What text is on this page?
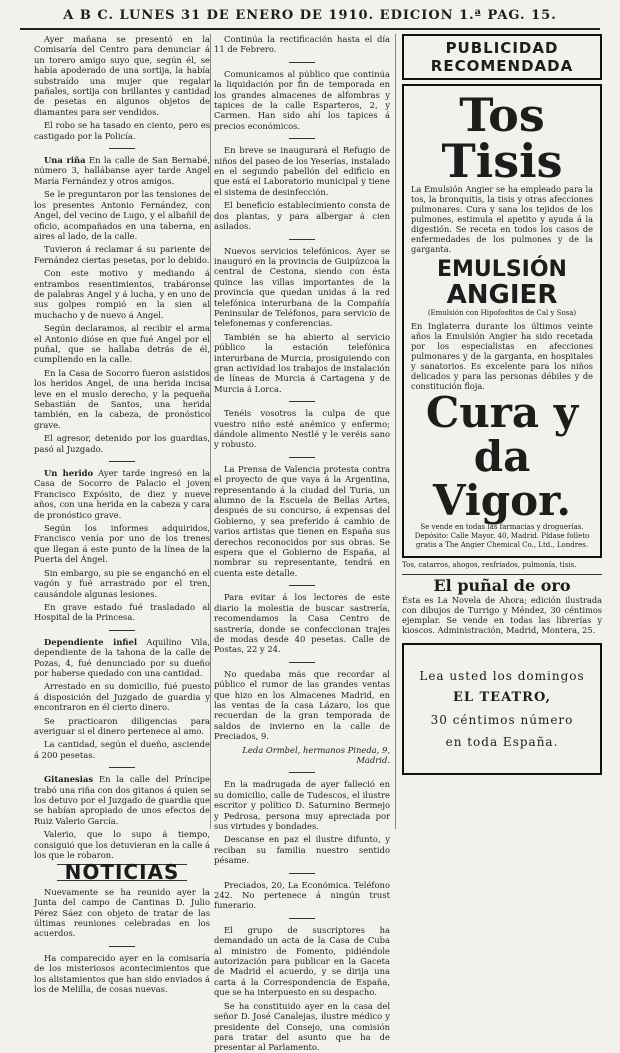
A B C. LUNES 31 DE ENERO DE 1910. EDICION 1.ª PAG. 15.

Ayer mañana se presentó en la Comisaría del Centro para denunciar á un torero amigo suyo que, según él, se había apoderado de una sortija, la había substraído una mujer que regalar pañales, sortija con brillantes y cantidad de pesetas en algunos objetos de diamantes para ser vendidos.

El robo se ha tasado en ciento, pero es castigado por la Policía.

Una riña En la calle de San Bernabé, número 3, hallábanse ayer tarde Angel María Fernández y otros amigos.

Se le preguntaron por las tensiones de los presentes Antonio Fernández, con Angel, del vecino de Lugo, y el albañil de oficio, acompañados en una taberna, en aires al lado, de la calle.

Tuvieron á reclamar á su pariente de Fernández ciertas pesetas, por lo debido.

Con este motivo y mediando á entrambos resentimientos, trabáronse de palabras Angel y á lucha, y en uno de sus golpes rompió en la sien al muchacho y de nuevo á Angel.

Según declaramos, al recibir el arma el Antonio dióse en que fué Angel por el puñal, que se hallaba detrás de él, cumpliendo en la calle.

En la Casa de Socorro fueron asistidos los heridos Angel, de una herida incisa leve en el muslo derecho, y la pequeña Sebastián de Santos, una herida también, en la cabeza, de pronóstico grave.

El agresor, detenido por los guardias, pasó al Juzgado.

Un herido Ayer tarde ingresó en la Casa de Socorro de Palacio el joven Francisco Expósito, de diez y nueve años, con una herida en la cabeza y cara de pronóstico grave.

Según los informes adquiridos, Francisco venía por uno de los trenes que llegan á este punto de la línea de la Puerta del Ángel.

Sin embargo, su pie se enganchó en el vagón y fué arrastrado por el tren, causándole algunas lesiones.

En grave estado fué trasladado al Hospital de la Princesa.

Dependiente infiel Aquilino Vila, dependiente de la tahona de la calle de Pozas, 4, fué denunciado por su dueño por haberse quedado con una cantidad.

Arrestado en su domicilio, fué puesto á disposición del Juzgado de guardia y encontraron en él cierto dinero.

Se practicaron diligencias para averiguar si el dinero pertenece al amo.

La cantidad, según el dueño, asciende á 200 pesetas.

Gitanesias En la calle del Príncipe trabó una riña con dos gitanos á quien se los detuvo por el Juzgado de guardia que se habían apropiado de unos efectos de Ruiz Valerio García.

Valerio, que lo supo á tiempo, consiguió que los detuvieran en la calle á los que le robaron.

NOTICIAS

Nuevamente se ha reunido ayer la Junta del campo de Cantinas D. Julio Pérez Sáez con objeto de tratar de las últimas reuniones celebradas en los acuerdos.

Ha comparecido ayer en la comisaría de los misteriosos acontecimientos que los alistamientos que han sido enviados á los de Melilla, de cosas nuevas.

Continúa la rectificación hasta el día 11 de Febrero.

Comunicamos al público que continúa la liquidación por fin de temporada en los grandes almacenes de alfombras y tapices de la calle Esparteros, 2, y Carmen. Han sido ahí los tapices á precios económicos.

En breve se inaugurará el Refugio de niños del paseo de los Yeserías, instalado en el segundo pabellón del edificio en que está el Laboratorio municipal y tiene el sistema de desinfección.

El beneficio establecimiento consta de dos plantas, y para albergar á cien asilados.

Nuevos servicios telefónicos. Ayer se inauguró en la provincia de Guipúzcoa la central de Cestona, siendo con ésta quince las villas importantes de la provincia que quedan unidas á la red telefónica interurbana de la Compañía Peninsular de Teléfonos, para servicio de telefonemas y conferencias.

También se ha abierto al servicio público la estación telefónica interurbana de Murcia, prosiguiendo con gran actividad los trabajos de instalación de líneas de Murcia á Cartagena y de Murcia á Lorca.

Tenéis vosotros la culpa de que vuestro niño esté anémico y enfermo; dándole alimento Nestlé y le veréis sano y robusto.

La Prensa de Valencia protesta contra el proyecto de que vaya á la Argentina, representando á la ciudad del Turia, un alumno de la Escuela de Bellas Artes, después de su concurso, á expensas del Gobierno, y sea preferido á cambio de varios artistas que tienen en España sus derechos reconocidos por sus obras. Se espera que el Gobierno de España, al nombrar su representante, tendrá en cuenta este detalle.

Para evitar á los lectores de este diario la molestia de buscar sastrería, recomendamos la Casa Centro de sastrería, donde se confeccionan trajes de modas desde 40 pesetas. Calle de Postas, 22 y 24.

No quedaba más que recordar al público el rumor de las grandes ventas que hizo en los Almacenes Madrid, en las ventas de la casa Lázaro, los que recuerdan de la gran temporada de saldos de invierno en la calle de Preciados, 9.

Leda Ormbel, hermanos Pineda, 9, Madrid.

En la madrugada de ayer falleció en su domicilio, calle de Tudescos, el ilustre escritor y político D. Saturnino Bermejo y Pedrosa, persona muy apreciada por sus virtudes y bondades.

Descanse en paz el ilustre difunto, y reciban su familia nuestro sentido pésame.

Preciados, 20, La Económica. Teléfono 242. No pertenece á ningún trust funerario.

El grupo de suscriptores ha demandado un acta de la Casa de Cuba al ministro de Fomento, pidiéndole autorización para publicar en la Gaceta de Madrid el acuerdo, y se dirija una carta á la Correspondencia de España, que se ha interpuesto en su despacho.

Se ha constituido ayer en la casa del señor D. José Canalejas, ilustre médico y presidente del Consejo, una comisión para tratar del asunto que ha de presentar al Parlamento.

PUBLICIDAD
RECOMENDADA
Tos
Tisis
La Emulsión Angier se ha empleado para la tos, la bronquitis, la tisis y otras afecciones pulmonares. Cura y sana los tejidos de los pulmones, estimula el apetito y ayuda á la digestión. Se receta en todos los casos de enfermedades de los pulmones y de la garganta.
EMULSIÓN
ANGIER
(Emulsión con Hipofosfitos de Cal y Sosa)
En Inglaterra durante los últimos veinte años la Emulsión Angier ha sido recetada por los especialistas en afecciones pulmonares y de la garganta, en hospitales y sanatorios. Es excelente para los niños delicados y para las personas débiles y de constitución floja.
Cura y
da Vigor.
Se vende en todas las farmacias y droguerías. Depósito: Calle Mayor, 40, Madrid. Pídase folleto gratis a The Angier Chemical Co., Ltd., Londres.
Tos, catarros, ahogos, resfriados, pulmonía, tisis.
El puñal de oro
Ésta es La Novela de Ahora; edición ilustrada con dibujos de Turrigo y Méndez, 30 céntimos ejemplar. Se vende en todas las librerías y kioscos. Administración, Madrid, Montera, 25.
Lea usted los domingos
EL TEATRO,
30 céntimos número
en toda España.
